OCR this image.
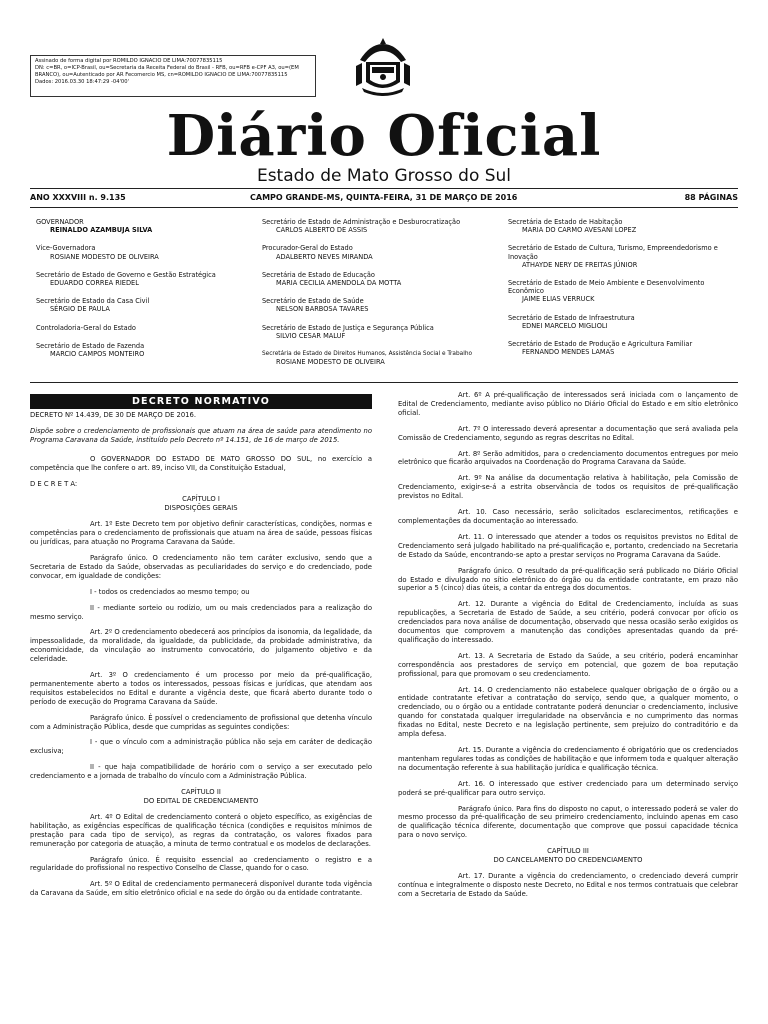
Assinado de forma digital por ROMILDO IGNACIO DE LIMA:70077835115
DN: c=BR, o=ICP-Brasil, ou=Secretaria da Receita Federal do Brasil - RFB, ou=RFB e-CPF A3, ou=(EM
BRANCO), ou=Autenticado por AR Fecomercio MS, cn=ROMILDO IGNACIO DE LIMA:70077835115
Dados: 2016.03.30 18:47:29 -04'00'
Diário Oficial
Estado de Mato Grosso do Sul
ANO XXXVIII n. 9.135	CAMPO GRANDE-MS, QUINTA-FEIRA, 31 DE MARÇO DE 2016	88 PÁGINAS
GOVERNADOR
REINALDO AZAMBUJA SILVA
Vice-Governadora
ROSIANE MODESTO DE OLIVEIRA
Secretário de Estado de Governo e Gestão Estratégica
EDUARDO CORREA RIEDEL
Secretário de Estado da Casa Civil
SÉRGIO DE PAULA
Controladoria-Geral do Estado
Secretário de Estado de Fazenda
MARCIO CAMPOS MONTEIRO
Secretário de Estado de Administração e Desburocratização
CARLOS ALBERTO DE ASSIS
Procurador-Geral do Estado
ADALBERTO NEVES MIRANDA
Secretária de Estado de Educação
MARIA CECILIA AMENDOLA DA MOTTA
Secretário de Estado de Saúde
NELSON BARBOSA TAVARES
Secretário de Estado de Justiça e Segurança Pública
SILVIO CESAR MALUF
Secretária de Estado de Direitos Humanos, Assistência Social e Trabalho
ROSIANE MODESTO DE OLIVEIRA
Secretária de Estado de Habitação
MARIA DO CARMO AVESANI LOPEZ
Secretário de Estado de Cultura, Turismo, Empreendedorismo e Inovação
ATHAYDE NERY DE FREITAS JÚNIOR
Secretário de Estado de Meio Ambiente e Desenvolvimento Econômico
JAIME ELIAS VERRUCK
Secretário de Estado de Infraestrutura
EDNEI MARCELO MIGLIOLI
Secretário de Estado de Produção e Agricultura Familiar
FERNANDO MENDES LAMAS
DECRETO NORMATIVO

DECRETO Nº 14.439, DE 30 DE MARÇO DE 2016.

Dispõe sobre o credenciamento de profissionais que atuam na área de saúde para atendimento no Programa Caravana da Saúde, instituído pelo Decreto nº 14.151, de 16 de março de 2015.

O GOVERNADOR DO ESTADO DE MATO GROSSO DO SUL, no exercício a competência que lhe confere o art. 89, inciso VII, da Constituição Estadual,

D E C R E T A:

CAPÍTULO I
DISPOSIÇÕES GERAIS

Art. 1º Este Decreto tem por objetivo definir características, condições, normas e competências para o credenciamento de profissionais que atuam na área de saúde, pessoas físicas ou jurídicas, para atuação no Programa Caravana da Saúde.

Parágrafo único. O credenciamento não tem caráter exclusivo, sendo que a Secretaria de Estado da Saúde, observadas as peculiaridades do serviço e do credenciado, pode convocar, em igualdade de condições:

I - todos os credenciados ao mesmo tempo; ou

II - mediante sorteio ou rodízio, um ou mais credenciados para a realização do mesmo serviço.

Art. 2º O credenciamento obedecerá aos princípios da isonomia, da legalidade, da impessoalidade, da moralidade, da igualdade, da publicidade, da probidade administrativa, da economicidade, da vinculação ao instrumento convocatório, do julgamento objetivo e da celeridade.

Art. 3º O credenciamento é um processo por meio da pré-qualificação, permanentemente aberto a todos os interessados, pessoas físicas e jurídicas, que atendam aos requisitos estabelecidos no Edital e durante a vigência deste, que ficará aberto durante todo o período de execução do Programa Caravana da Saúde.

Parágrafo único. É possível o credenciamento de profissional que detenha vínculo com a Administração Pública, desde que cumpridas as seguintes condições:

I - que o vínculo com a administração pública não seja em caráter de dedicação exclusiva;

II - que haja compatibilidade de horário com o serviço a ser executado pelo credenciamento e a jornada de trabalho do vínculo com a Administração Pública.

CAPÍTULO II
DO EDITAL DE CREDENCIAMENTO

Art. 4º O Edital de credenciamento conterá o objeto específico, as exigências de habilitação, as exigências específicas de qualificação técnica (condições e requisitos mínimos de prestação para cada tipo de serviço), as regras da contratação, os valores fixados para remuneração por categoria de atuação, a minuta de termo contratual e os modelos de declarações.

Parágrafo único. É requisito essencial ao credenciamento o registro e a regularidade do profissional no respectivo Conselho de Classe, quando for o caso.

Art. 5º O Edital de credenciamento permanecerá disponível durante toda vigência da Caravana da Saúde, em sítio eletrônico oficial e na sede do órgão ou da entidade contratante.

Art. 6º A pré-qualificação de interessados será iniciada com o lançamento de Edital de Credenciamento, mediante aviso público no Diário Oficial do Estado e em sítio eletrônico oficial.

Art. 7º O interessado deverá apresentar a documentação que será avaliada pela Comissão de Credenciamento, segundo as regras descritas no Edital.

Art. 8º Serão admitidos, para o credenciamento documentos entregues por meio eletrônico que ficarão arquivados na Coordenação do Programa Caravana da Saúde.

Art. 9º Na análise da documentação relativa à habilitação, pela Comissão de Credenciamento, exigir-se-á a estrita observância de todos os requisitos de pré-qualificação previstos no Edital.

Art. 10. Caso necessário, serão solicitados esclarecimentos, retificações e complementações da documentação ao interessado.

Art. 11. O interessado que atender a todos os requisitos previstos no Edital de Credenciamento será julgado habilitado na pré-qualificação e, portanto, credenciado na Secretaria de Estado da Saúde, encontrando-se apto a prestar serviços no Programa Caravana da Saúde.

Parágrafo único. O resultado da pré-qualificação será publicado no Diário Oficial do Estado e divulgado no sítio eletrônico do órgão ou da entidade contratante, em prazo não superior a 5 (cinco) dias úteis, a contar da entrega dos documentos.

Art. 12. Durante a vigência do Edital de Credenciamento, incluída as suas republicações, a Secretaria de Estado de Saúde, a seu critério, poderá convocar por ofício os credenciados para nova análise de documentação, observado que nessa ocasião serão exigidos os documentos que comprovem a manutenção das condições apresentadas quando da pré-qualificação do interessado.

Art. 13. A Secretaria de Estado da Saúde, a seu critério, poderá encaminhar correspondência aos prestadores de serviço em potencial, que gozem de boa reputação profissional, para que promovam o seu credenciamento.

Art. 14. O credenciamento não estabelece qualquer obrigação de o órgão ou a entidade contratante efetivar a contratação do serviço, sendo que, a qualquer momento, o credenciado, ou o órgão ou a entidade contratante poderá denunciar o credenciamento, inclusive quando for constatada qualquer irregularidade na observância e no cumprimento das normas fixadas no Edital, neste Decreto e na legislação pertinente, sem prejuízo do contraditório e da ampla defesa.

Art. 15. Durante a vigência do credenciamento é obrigatório que os credenciados mantenham regulares todas as condições de habilitação e que informem toda e qualquer alteração na documentação referente à sua habilitação jurídica e qualificação técnica.

Art. 16. O interessado que estiver credenciado para um determinado serviço poderá se pré-qualificar para outro serviço.

Parágrafo único. Para fins do disposto no caput, o interessado poderá se valer do mesmo processo da pré-qualificação de seu primeiro credenciamento, incluindo apenas em caso de qualificação técnica diferente, documentação que comprove que possui capacidade técnica para o novo serviço.

CAPÍTULO III
DO CANCELAMENTO DO CREDENCIAMENTO

Art. 17. Durante a vigência do credenciamento, o credenciado deverá cumprir contínua e integralmente o disposto neste Decreto, no Edital e nos termos contratuais que celebrar com a Secretaria de Estado da Saúde.
